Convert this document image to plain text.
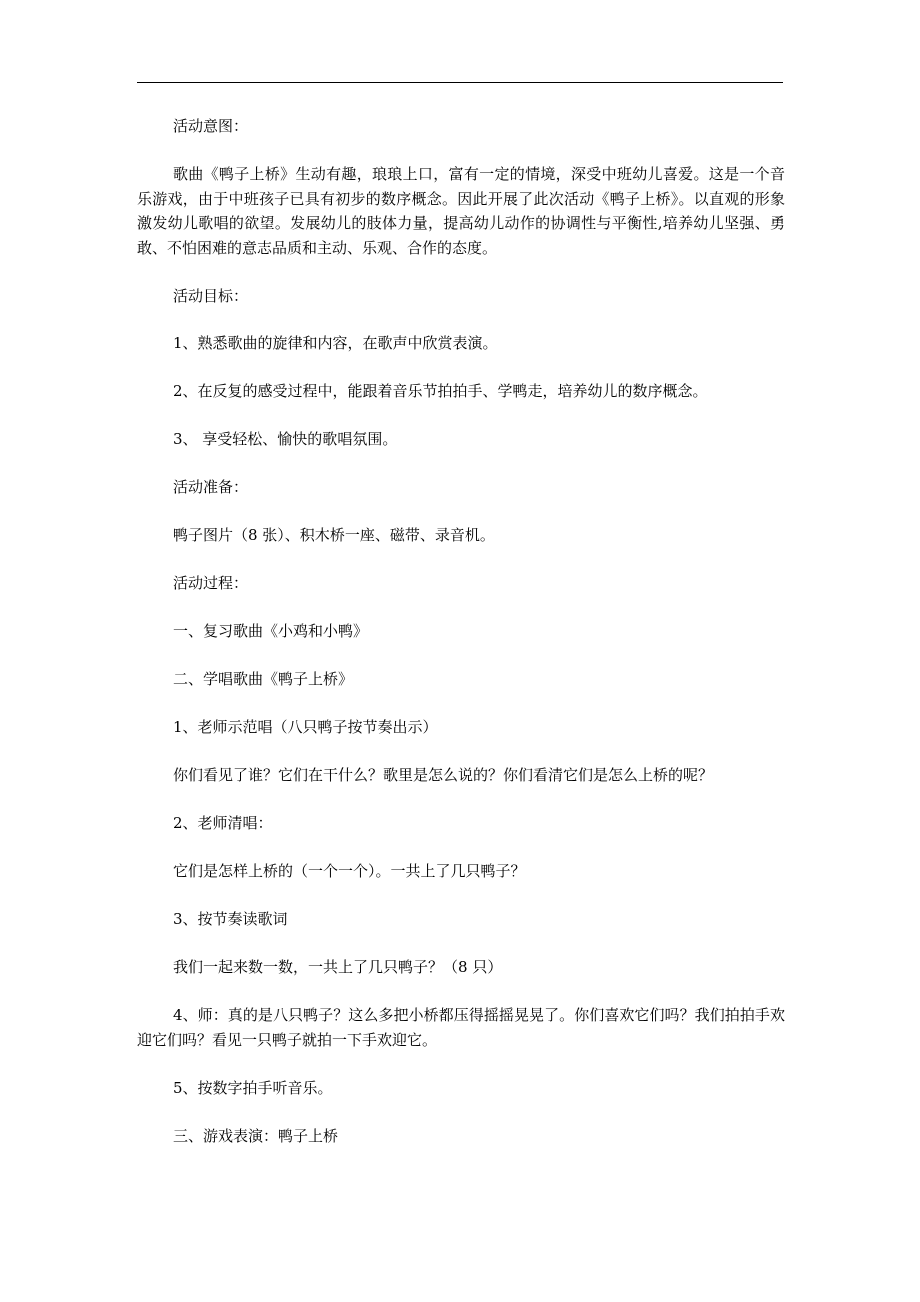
活动意图：

歌曲《鸭子上桥》生动有趣，琅琅上口，富有一定的情境，深受中班幼儿喜爱。这是一个音乐游戏，由于中班孩子已具有初步的数序概念。因此开展了此次活动《鸭子上桥》。以直观的形象激发幼儿歌唱的欲望。发展幼儿的肢体力量，提高幼儿动作的协调性与平衡性,培养幼儿坚强、勇敢、不怕困难的意志品质和主动、乐观、合作的态度。

活动目标：

1、熟悉歌曲的旋律和内容，在歌声中欣赏表演。

2、在反复的感受过程中，能跟着音乐节拍拍手、学鸭走，培养幼儿的数序概念。

3、 享受轻松、愉快的歌唱氛围。

活动准备：

鸭子图片（8 张）、积木桥一座、磁带、录音机。

活动过程：

一、复习歌曲《小鸡和小鸭》

二、学唱歌曲《鸭子上桥》

1、老师示范唱（八只鸭子按节奏出示）

你们看见了谁？它们在干什么？歌里是怎么说的？你们看清它们是怎么上桥的呢？

2、老师清唱：

它们是怎样上桥的（一个一个）。一共上了几只鸭子？

3、按节奏读歌词

我们一起来数一数，一共上了几只鸭子？（8 只）

4、师：真的是八只鸭子？这么多把小桥都压得摇摇晃晃了。你们喜欢它们吗？我们拍拍手欢迎它们吗？看见一只鸭子就拍一下手欢迎它。

5、按数字拍手听音乐。

三、游戏表演：鸭子上桥
